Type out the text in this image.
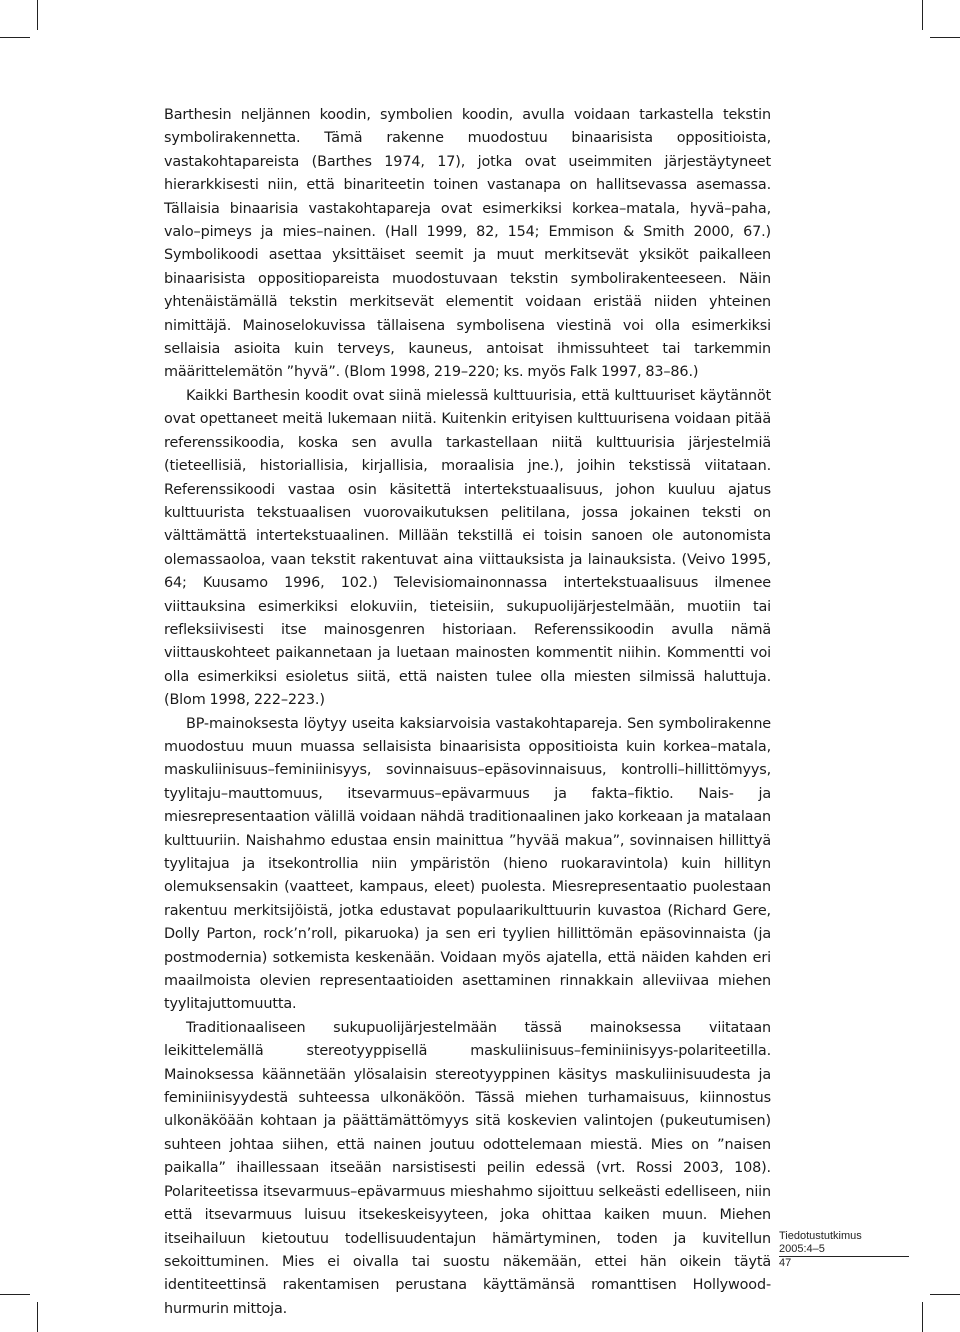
Barthesin neljännen koodin, symbolien koodin, avulla voidaan tarkastella tekstin symbolirakennetta. Tämä rakenne muodostuu binaarisista oppositioista, vastakohtapareista (Barthes 1974, 17), jotka ovat useimmiten järjestäytyneet hierarkkisesti niin, että binariteetin toinen vastanapa on hallitsevassa asemassa. Tällaisia binaarisia vastakohtapareja ovat esimerkiksi korkea–matala, hyvä–paha, valo–pimeys ja mies–nainen. (Hall 1999, 82, 154; Emmison & Smith 2000, 67.) Symbolikoodi asettaa yksittäiset seemit ja muut merkitsevät yksiköt paikalleen binaarisista oppositiopareista muodostuvaan tekstin symbolirakenteeseen. Näin yhtenäistämällä tekstin merkitsevät elementit voidaan eristää niiden yhteinen nimittäjä. Mainoselokuvissa tällaisena symbolisena viestinä voi olla esimerkiksi sellaisia asioita kuin terveys, kauneus, antoisat ihmissuhteet tai tarkemmin määrittelemätön ”hyvä”. (Blom 1998, 219–220; ks. myös Falk 1997, 83–86.)

Kaikki Barthesin koodit ovat siinä mielessä kulttuurisia, että kulttuuriset käytännöt ovat opettaneet meitä lukemaan niitä. Kuitenkin erityisen kulttuurisena voidaan pitää referenssikoodia, koska sen avulla tarkastellaan niitä kulttuurisia järjestelmiä (tieteellisiä, historiallisia, kirjallisia, moraalisia jne.), joihin tekstissä viitataan. Referenssikoodi vastaa osin käsitettä intertekstuaalisuus, johon kuuluu ajatus kulttuurista tekstuaalisen vuorovaikutuksen pelitilana, jossa jokainen teksti on välttämättä intertekstuaalinen. Millään tekstillä ei toisin sanoen ole autonomista olemassaoloa, vaan tekstit rakentuvat aina viittauksista ja lainauksista. (Veivo 1995, 64; Kuusamo 1996, 102.) Televisiomainonnassa intertekstuaalisuus ilmenee viittauksina esimerkiksi elokuviin, tieteisiin, sukupuolijärjestelmään, muotiin tai refleksiivisesti itse mainosgenren historiaan. Referenssikoodin avulla nämä viittauskohteet paikannetaan ja luetaan mainosten kommentit niihin. Kommentti voi olla esimerkiksi esioletus siitä, että naisten tulee olla miesten silmissä haluttuja. (Blom 1998, 222–223.)

BP-mainoksesta löytyy useita kaksiarvoisia vastakohtapareja. Sen symbolirakenne muodostuu muun muassa sellaisista binaarisista oppositioista kuin korkea–matala, maskuliinisuus–feminiinisyys, sovinnaisuus–epäsovinnaisuus, kontrolli–hillittömyys, tyylitaju–mauttomuus, itsevarmuus–epävarmuus ja fakta–fiktio. Nais- ja miesrepresentaation välillä voidaan nähdä traditionaalinen jako korkeaan ja matalaan kulttuuriin. Naishahmo edustaa ensin mainittua ”hyvää makua”, sovinnaisen hillittyä tyylitajua ja itsekontrollia niin ympäristön (hieno ruokaravintola) kuin hillityn olemuksensakin (vaatteet, kampaus, eleet) puolesta. Miesrepresentaatio puolestaan rakentuu merkitsijöistä, jotka edustavat populaarikulttuurin kuvastoa (Richard Gere, Dolly Parton, rock’n’roll, pikaruoka) ja sen eri tyylien hillittömän epäsovinnaista (ja postmodernia) sotkemista keskenään. Voidaan myös ajatella, että näiden kahden eri maailmoista olevien representaatioiden asettaminen rinnakkain alleviivaa miehen tyylitajuttomuutta.

Traditionaaliseen sukupuolijärjestelmään tässä mainoksessa viitataan leikittelemällä stereotyyppisellä maskuliinisuus–feminiinisyys-polariteetilla. Mainoksessa käännetään ylösalaisin stereotyyppinen käsitys maskuliinisuudesta ja feminiinisyydestä suhteessa ulkonäköön. Tässä miehen turhamaisuus, kiinnostus ulkonäköään kohtaan ja päättämättömyys sitä koskevien valintojen (pukeutumisen) suhteen johtaa siihen, että nainen joutuu odottelemaan miestä. Mies on ”naisen paikalla” ihaillessaan itseään narsistisesti peilin edessä (vrt. Rossi 2003, 108). Polariteetissa itsevarmuus–epävarmuus mieshahmo sijoittuu selkeästi edelliseen, niin että itsevarmuus luisuu itsekeskeisyyteen, joka ohittaa kaiken muun. Miehen itseihailuun kietoutuu todellisuudentajun hämärtyminen, toden ja kuvitellun sekoittuminen. Mies ei oivalla tai suostu näkemään, ettei hän oikein täytä identiteettinsä rakentamisen perustana käyttämänsä romanttisen Hollywood-hurmurin mittoja.

Tiedotustutkimus 2005:4–5
47
